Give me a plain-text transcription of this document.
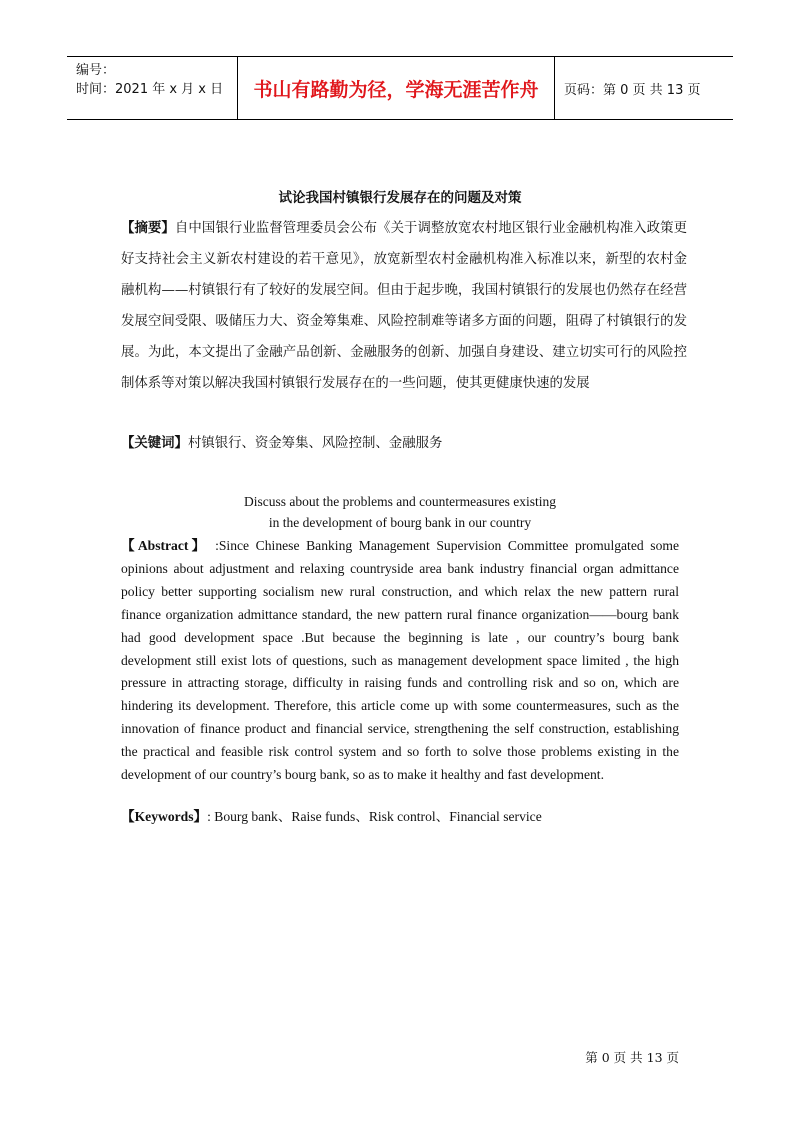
编号：
时间：2021 年 x 月 x 日	书山有路勤为径，学海无涯苦作舟	页码：第 0 页 共 13 页
试论我国村镇银行发展存在的问题及对策
【摘要】自中国银行业监督管理委员会公布《关于调整放宽农村地区银行业金融机构准入政策更好支持社会主义新农村建设的若干意见》，放宽新型农村金融机构准入标准以来，新型的农村金融机构——村镇银行有了较好的发展空间。但由于起步晚，我国村镇银行的发展也仍然存在经营发展空间受限、吸储压力大、资金筹集难、风险控制难等诸多方面的问题，阻碍了村镇银行的发展。为此，本文提出了金融产品创新、金融服务的创新、加强自身建设、建立切实可行的风险控制体系等对策以解决我国村镇银行发展存在的一些问题，使其更健康快速的发展
【关键词】村镇银行、资金筹集、风险控制、金融服务
Discuss about the problems and countermeasures existing
in the development of bourg bank in our country
【Abstract】 :Since Chinese Banking Management Supervision Committee promulgated some opinions about adjustment and relaxing countryside area bank industry financial organ admittance policy better supporting socialism new rural construction, and which relax the new pattern rural finance organization admittance standard, the new pattern rural finance organization——bourg bank had good development space .But because the beginning is late , our country’s bourg bank development still exist lots of questions, such as management development space limited , the high pressure in attracting storage, difficulty in raising funds and controlling risk and so on, which are hindering its development. Therefore, this article come up with some countermeasures, such as the innovation of finance product and financial service, strengthening the self construction, establishing the practical and feasible risk control system and so forth to solve those problems existing in the development of our country’s bourg bank, so as to make it healthy and fast development.
【Keywords】: Bourg bank、Raise funds、Risk control、Financial service
第 0 页 共 13 页
